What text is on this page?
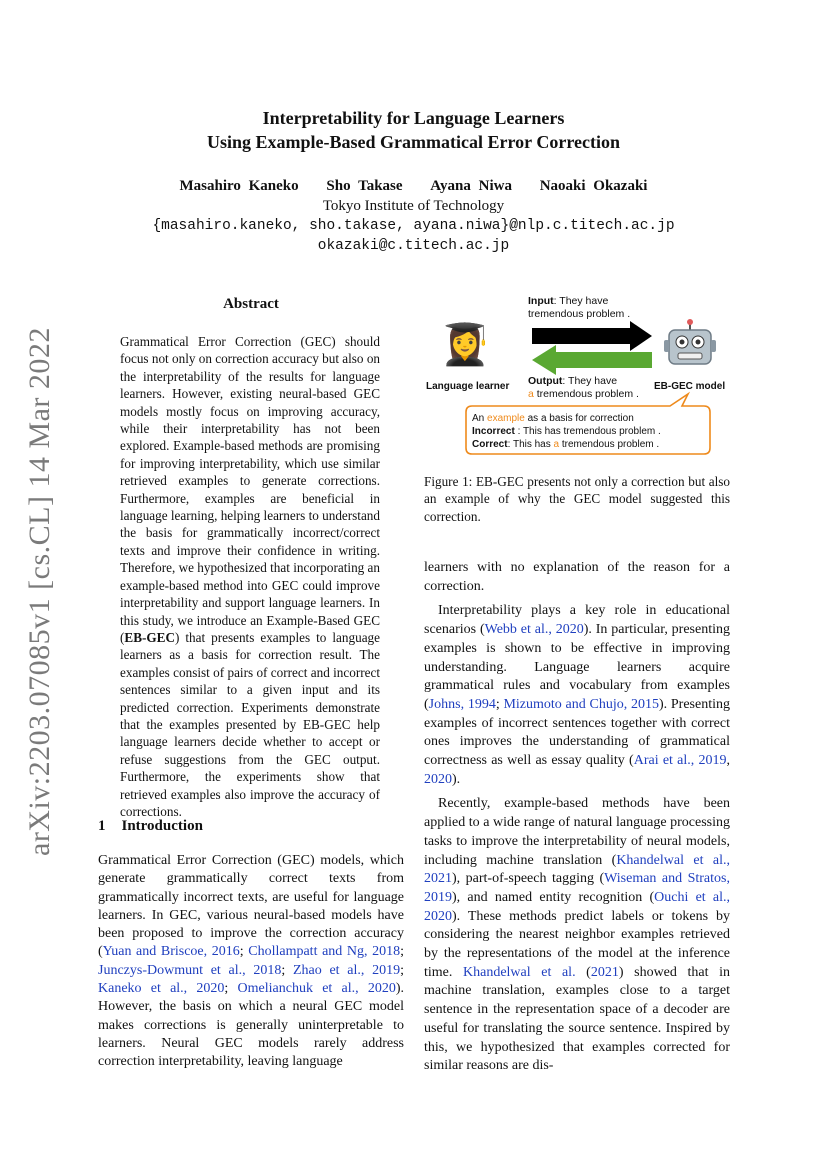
arXiv:2203.07085v1 [cs.CL] 14 Mar 2022
Interpretability for Language Learners
Using Example-Based Grammatical Error Correction
Masahiro Kaneko Sho Takase Ayana Niwa Naoaki Okazaki
Tokyo Institute of Technology
{masahiro.kaneko, sho.takase, ayana.niwa}@nlp.c.titech.ac.jp
okazaki@c.titech.ac.jp
Abstract
Grammatical Error Correction (GEC) should focus not only on correction accuracy but also on the interpretability of the results for language learners. However, existing neural-based GEC models mostly focus on improving accuracy, while their interpretability has not been explored. Example-based methods are promising for improving interpretability, which use similar retrieved examples to generate corrections. Furthermore, examples are beneficial in language learning, helping learners to understand the basis for grammatically incorrect/correct texts and improve their confidence in writing. Therefore, we hypothesized that incorporating an example-based method into GEC could improve interpretability and support language learners. In this study, we introduce an Example-Based GEC (EB-GEC) that presents examples to language learners as a basis for correction result. The examples consist of pairs of correct and incorrect sentences similar to a given input and its predicted correction. Experiments demonstrate that the examples presented by EB-GEC help language learners decide whether to accept or refuse suggestions from the GEC output. Furthermore, the experiments show that retrieved examples also improve the accuracy of corrections.
1 Introduction

Grammatical Error Correction (GEC) models, which generate grammatically correct texts from grammatically incorrect texts, are useful for language learners. In GEC, various neural-based models have been proposed to improve the correction accuracy (Yuan and Briscoe, 2016; Chollampatt and Ng, 2018; Junczys-Dowmunt et al., 2018; Zhao et al., 2019; Kaneko et al., 2020; Omelianchuk et al., 2020). However, the basis on which a neural GEC model makes corrections is generally uninterpretable to learners. Neural GEC models rarely address correction interpretability, leaving language

Input: They have
tremendous problem .
Output: They have
a tremendous problem .
👩‍🎓
Language learner	EB-GEC model
An example as a basis for correction
Incorrect : This has tremendous problem .
Correct: This has a tremendous problem .
Figure 1: EB-GEC presents not only a correction but also an example of why the GEC model suggested this correction.

learners with no explanation of the reason for a correction.

Interpretability plays a key role in educational scenarios (Webb et al., 2020). In particular, presenting examples is shown to be effective in improving understanding. Language learners acquire grammatical rules and vocabulary from examples (Johns, 1994; Mizumoto and Chujo, 2015). Presenting examples of incorrect sentences together with correct ones improves the understanding of grammatical correctness as well as essay quality (Arai et al., 2019, 2020).

Recently, example-based methods have been applied to a wide range of natural language processing tasks to improve the interpretability of neural models, including machine translation (Khandelwal et al., 2021), part-of-speech tagging (Wiseman and Stratos, 2019), and named entity recognition (Ouchi et al., 2020). These methods predict labels or tokens by considering the nearest neighbor examples retrieved by the representations of the model at the inference time. Khandelwal et al. (2021) showed that in machine translation, examples close to a target sentence in the representation space of a decoder are useful for translating the source sentence. Inspired by this, we hypothesized that examples corrected for similar reasons are dis-
